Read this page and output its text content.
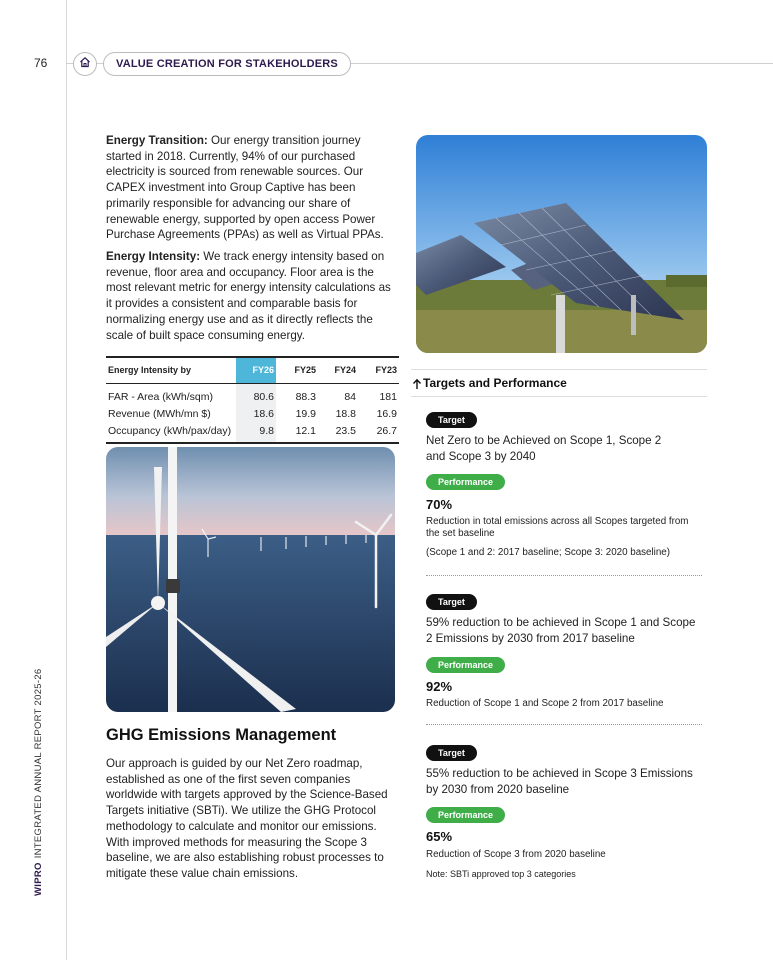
76
WIPROINTEGRATED ANNUAL REPORT 2025-26
VALUE CREATION FOR STAKEHOLDERS

Energy Transition: Our energy transition journey started in 2018. Currently, 94% of our purchased electricity is sourced from renewable sources. Our CAPEX investment into Group Captive has been primarily responsible for advancing our share of renewable energy, supported by open access Power Purchase Agreements (PPAs) as well as Virtual PPAs.

Energy Intensity: We track energy intensity based on revenue, floor area and occupancy. Floor area is the most relevant metric for energy intensity calculations as it provides a consistent and comparable basis for normalizing energy use and as it directly reflects the scale of built space consuming energy.

Energy Intensity by	FY26	FY25	FY24	FY23
FAR - Area (kWh/sqm)	80.6	88.3	84	181
Revenue (MWh/mn $)	18.6	19.9	18.8	16.9
Occupancy (kWh/pax/day)	9.8	12.1	23.5	26.7
GHG Emissions Management

Our approach is guided by our Net Zero roadmap, established as one of the first seven companies worldwide with targets approved by the Science-Based Targets initiative (SBTi). We utilize the GHG Protocol methodology to calculate and monitor our emissions. With improved methods for measuring the Scope 3 baseline, we are also establishing robust processes to mitigate these value chain emissions.

Targets and Performance
Target

Net Zero to be Achieved on Scope 1, Scope 2 and Scope 3 by 2040

Performance
70%

Reduction in total emissions across all Scopes targeted from the set baseline

(Scope 1 and 2: 2017 baseline; Scope 3: 2020 baseline)

Target

59% reduction to be achieved in Scope 1 and Scope 2 Emissions by 2030 from 2017 baseline

Performance
92%

Reduction of Scope 1 and Scope 2 from 2017 baseline

Target

55% reduction to be achieved in Scope 3 Emissions by 2030 from 2020 baseline

Performance
65%

Reduction of Scope 3 from 2020 baseline

Note: SBTi approved top 3 categories
